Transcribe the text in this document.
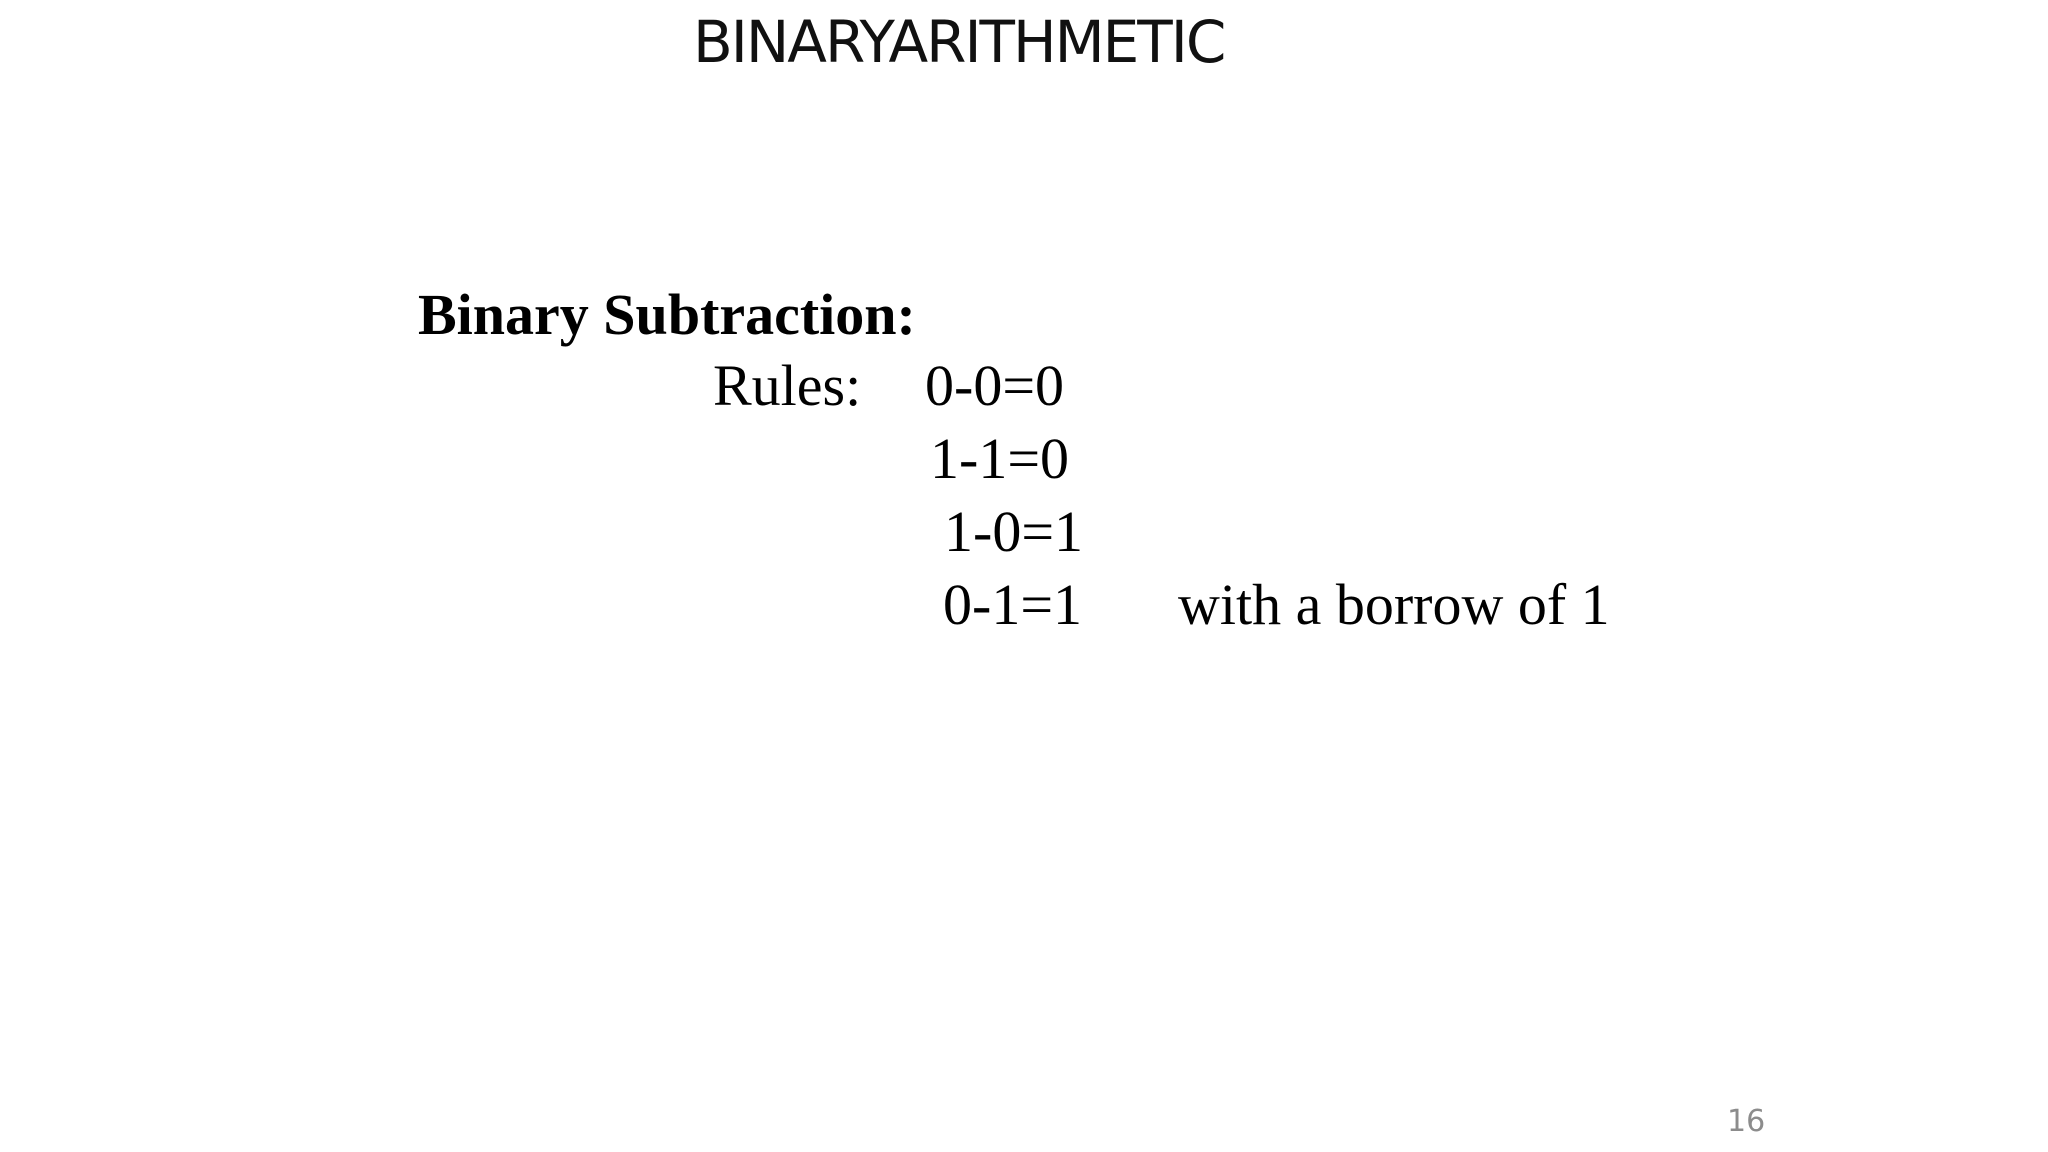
BINARYARITHMETIC
Binary Subtraction:
Rules: 0-0=0
1-1=0
1-0=1
0-1=1 with a borrow of 1
16
